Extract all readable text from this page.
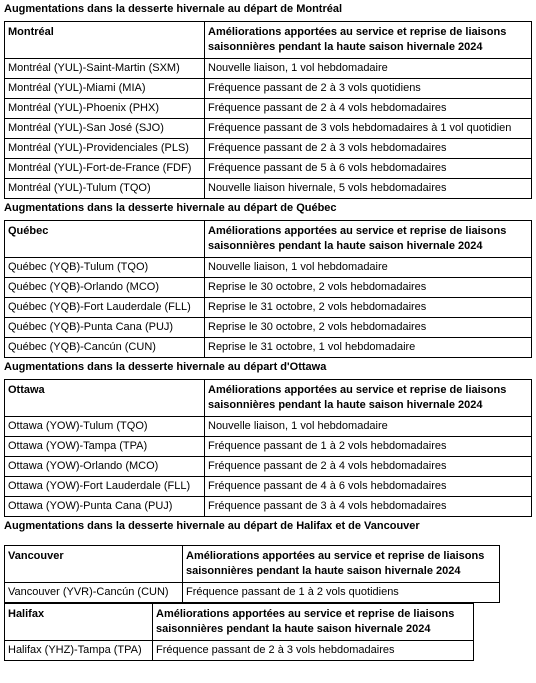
Augmentations dans la desserte hivernale au départ de Montréal
Montréal	Améliorations apportées au service et reprise de liaisons saisonnières pendant la haute saison hivernale 2024
Montréal (YUL)-Saint-Martin (SXM)	Nouvelle liaison, 1 vol hebdomadaire
Montréal (YUL)-Miami (MIA)	Fréquence passant de 2 à 3 vols quotidiens
Montréal (YUL)-Phoenix (PHX)	Fréquence passant de 2 à 4 vols hebdomadaires
Montréal (YUL)-San José (SJO)	Fréquence passant de 3 vols hebdomadaires à 1 vol quotidien
Montréal (YUL)-Providenciales (PLS)	Fréquence passant de 2 à 3 vols hebdomadaires
Montréal (YUL)-Fort-de-France (FDF)	Fréquence passant de 5 à 6 vols hebdomadaires
Montréal (YUL)-Tulum (TQO)	Nouvelle liaison hivernale, 5 vols hebdomadaires
Augmentations dans la desserte hivernale au départ de Québec
Québec	Améliorations apportées au service et reprise de liaisons saisonnières pendant la haute saison hivernale 2024
Québec (YQB)-Tulum (TQO)	Nouvelle liaison, 1 vol hebdomadaire
Québec (YQB)-Orlando (MCO)	Reprise le 30 octobre, 2 vols hebdomadaires
Québec (YQB)-Fort Lauderdale (FLL)	Reprise le 31 octobre, 2 vols hebdomadaires
Québec (YQB)-Punta Cana (PUJ)	Reprise le 30 octobre, 2 vols hebdomadaires
Québec (YQB)-Cancún (CUN)	Reprise le 31 octobre, 1 vol hebdomadaire
Augmentations dans la desserte hivernale au départ d'Ottawa
Ottawa	Améliorations apportées au service et reprise de liaisons saisonnières pendant la haute saison hivernale 2024
Ottawa (YOW)-Tulum (TQO)	Nouvelle liaison, 1 vol hebdomadaire
Ottawa (YOW)-Tampa (TPA)	Fréquence passant de 1 à 2 vols hebdomadaires
Ottawa (YOW)-Orlando (MCO)	Fréquence passant de 2 à 4 vols hebdomadaires
Ottawa (YOW)-Fort Lauderdale (FLL)	Fréquence passant de 4 à 6 vols hebdomadaires
Ottawa (YOW)-Punta Cana (PUJ)	Fréquence passant de 3 à 4 vols hebdomadaires
Augmentations dans la desserte hivernale au départ de Halifax et de Vancouver
Vancouver	Améliorations apportées au service et reprise de liaisons saisonnières pendant la haute saison hivernale 2024
Vancouver (YVR)-Cancún (CUN)	Fréquence passant de 1 à 2 vols quotidiens
Halifax	Améliorations apportées au service et reprise de liaisons saisonnières pendant la haute saison hivernale 2024
Halifax (YHZ)-Tampa (TPA)	Fréquence passant de 2 à 3 vols hebdomadaires
